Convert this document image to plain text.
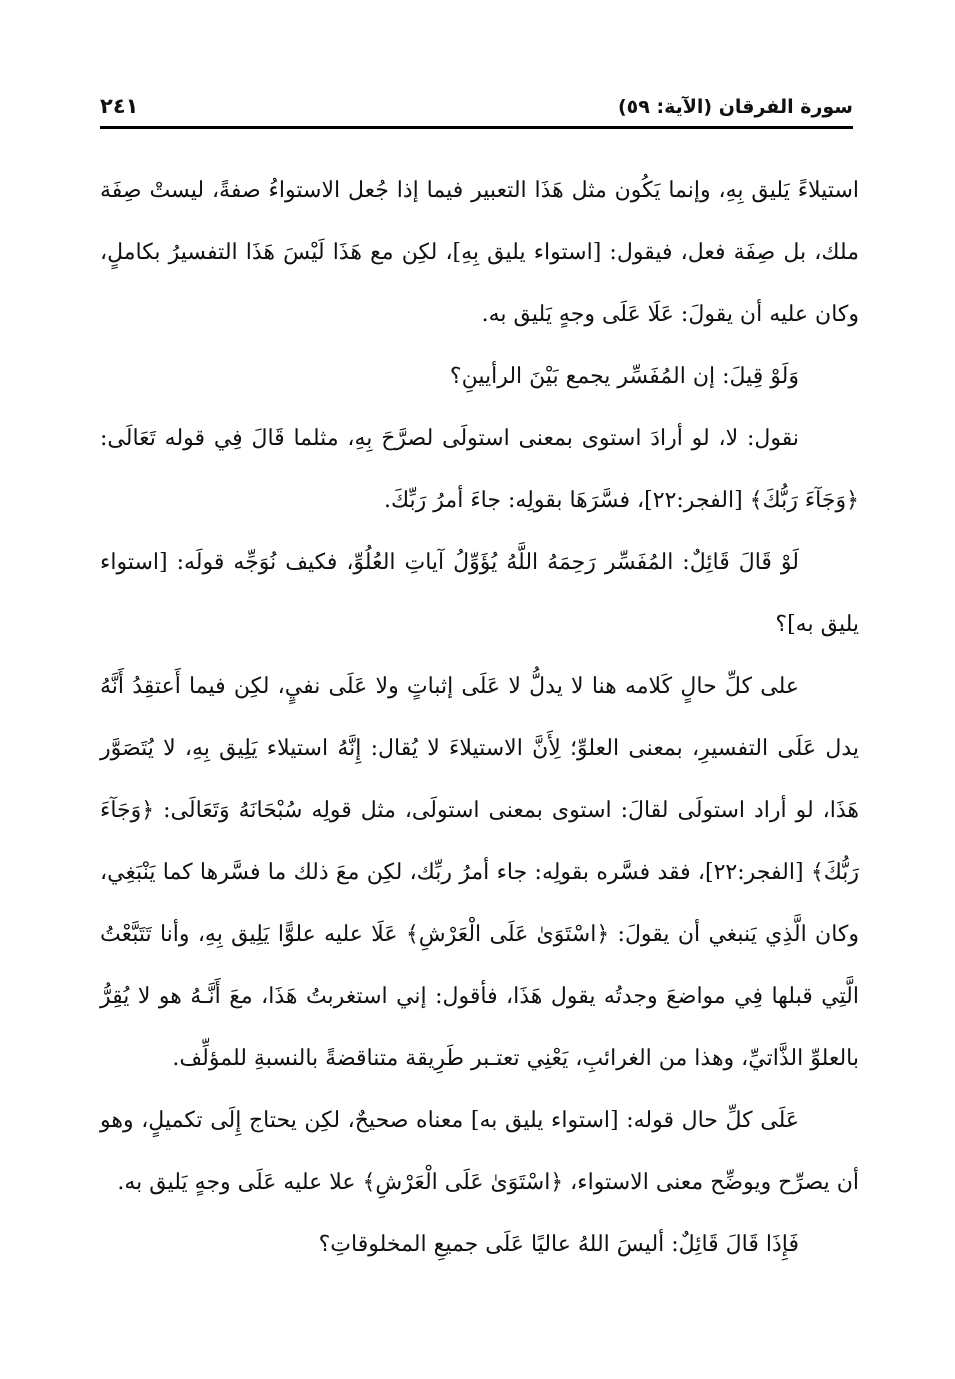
سورة الفرقان (الآية: ٥٩)
٢٤١

استيلاءً يَليق بِهِ، وإنما يَكُون مثل هَذَا التعبير فيما إذا جُعل الاستواءُ صفةً، ليستْ صِفَة ملك، بل صِفَة فعل، فيقول: [استواء يليق بِهِ]، لكِن مع هَذَا لَيْسَ هَذَا التفسيرُ بكاملٍ، وكان عليه أن يقولَ: عَلَا عَلَى وجهٍ يَليق به.

وَلَوْ قِيلَ: إن المُفَسِّر يجمع بَيْنَ الرأيينِ؟

نقول: لا، لو أرادَ استوى بمعنى استولَى لصرَّحَ بِهِ، مثلما قَالَ فِي قوله تَعَالَى: ﴿وَجَآءَ رَبُّكَ﴾ [الفجر:٢٢]، فسَّرَهَا بقولِه: جاءَ أمرُ رَبِّكَ.

لَوْ قَالَ قَائِلٌ: المُفَسِّر رَحِمَهُ اللَّهُ يُؤَوِّلُ آياتِ العُلُوِّ، فكيف نُوَجِّه قولَه: [استواء يليق به]؟

على كلِّ حالٍ كَلامه هنا لا يدلُّ لا عَلَى إثباتٍ ولا عَلَى نفيٍ، لكِن فيما أَعتقِدُ أَنَّهُ يدل عَلَى التفسيرِ، بمعنى العلوِّ؛ لِأَنَّ الاستيلاءَ لا يُقال: إِنَّهُ استيلاء يَلِيق بِهِ، لا يُتَصَوَّر هَذَا، لو أراد استولَى لقالَ: استوى بمعنى استولَى، مثل قولِه سُبْحَانَهُ وَتَعَالَى: ﴿وَجَآءَ رَبُّكَ﴾ [الفجر:٢٢]، فقد فسَّره بقولِه: جاء أمرُ ربِّك، لكِن معَ ذلك ما فسَّرها كما يَنْبَغِي، وكان الَّذِي يَنبغي أن يقولَ: ﴿اسْتَوَىٰ عَلَى الْعَرْشِ﴾ عَلَا عليه علوًّا يَلِيق بِهِ، وأنا تَتَبَّعْتُ الَّتِي قبلها فِي مواضعَ وجدتُه يقول هَذَا، فأقول: إني استغربتُ هَذَا، معَ أَنَّـهُ هو لا يُقِرُّ بالعلوِّ الذَّاتيِّ، وهذا من الغرائبِ، يَعْنِي تعتـبر طَرِيقة متناقضةً بالنسبةِ للمؤلِّف.

عَلَى كلِّ حال قوله: [استواء يليق به] معناه صحيحٌ، لكِن يحتاج إِلَى تكميلٍ، وهو أن يصرِّح ويوضِّح معنى الاستواء، ﴿اسْتَوَىٰ عَلَى الْعَرْشِ﴾ علا عليه عَلَى وجهٍ يَليق به.

فَإِذَا قَالَ قَائِلٌ: أليسَ اللهُ عاليًا عَلَى جميعِ المخلوقاتِ؟
